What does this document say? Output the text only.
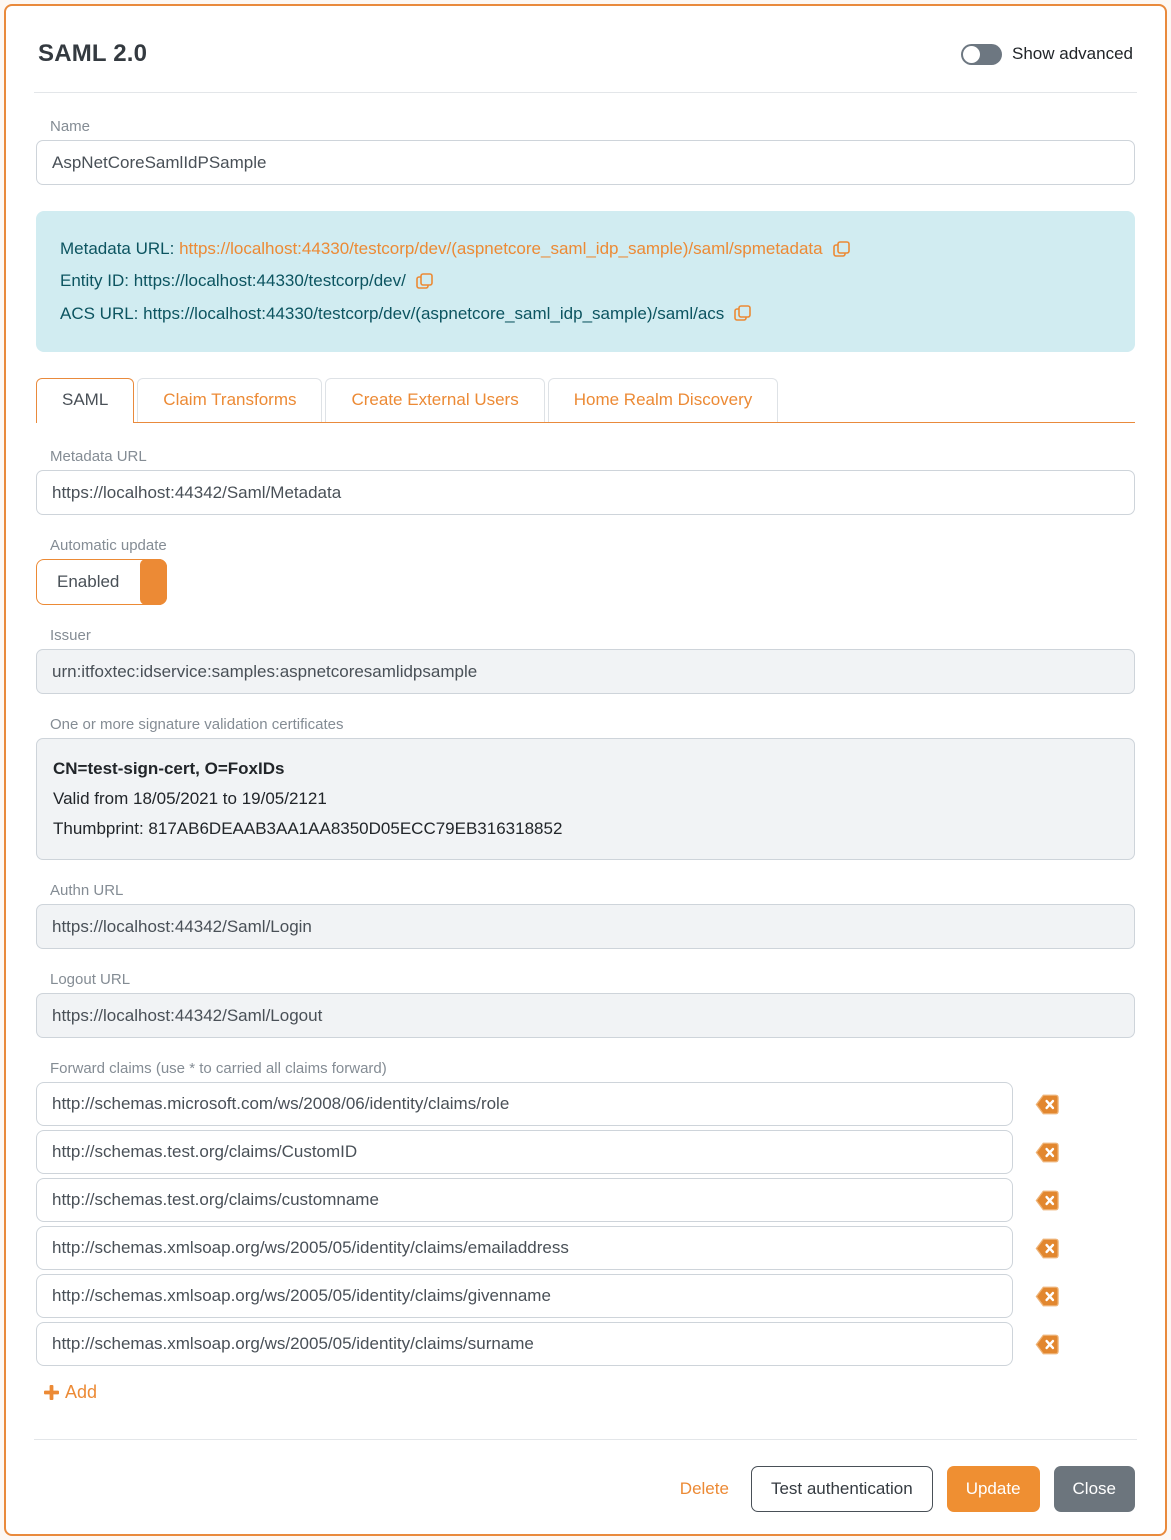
SAML 2.0	Show advanced
Name
AspNetCoreSamlIdPSample
Metadata URL: https://localhost:44330/testcorp/dev/(aspnetcore_saml_idp_sample)/saml/spmetadata
Entity ID: https://localhost:44330/testcorp/dev/
ACS URL: https://localhost:44330/testcorp/dev/(aspnetcore_saml_idp_sample)/saml/acs
SAML	Claim Transforms	Create External Users	Home Realm Discovery
Metadata URL
https://localhost:44342/Saml/Metadata
Automatic update
Enabled
Issuer
urn:itfoxtec:idservice:samples:aspnetcoresamlidpsample
One or more signature validation certificates
CN=test-sign-cert, O=FoxIDs
Valid from 18/05/2021 to 19/05/2121
Thumbprint: 817AB6DEAAB3AA1AA8350D05ECC79EB316318852
Authn URL
https://localhost:44342/Saml/Login
Logout URL
https://localhost:44342/Saml/Logout
Forward claims (use * to carried all claims forward)
http://schemas.microsoft.com/ws/2008/06/identity/claims/role
http://schemas.test.org/claims/CustomID
http://schemas.test.org/claims/customname
http://schemas.xmlsoap.org/ws/2005/05/identity/claims/emailaddress
http://schemas.xmlsoap.org/ws/2005/05/identity/claims/givenname
http://schemas.xmlsoap.org/ws/2005/05/identity/claims/surname
Add
Delete	Test authentication	Update	Close
